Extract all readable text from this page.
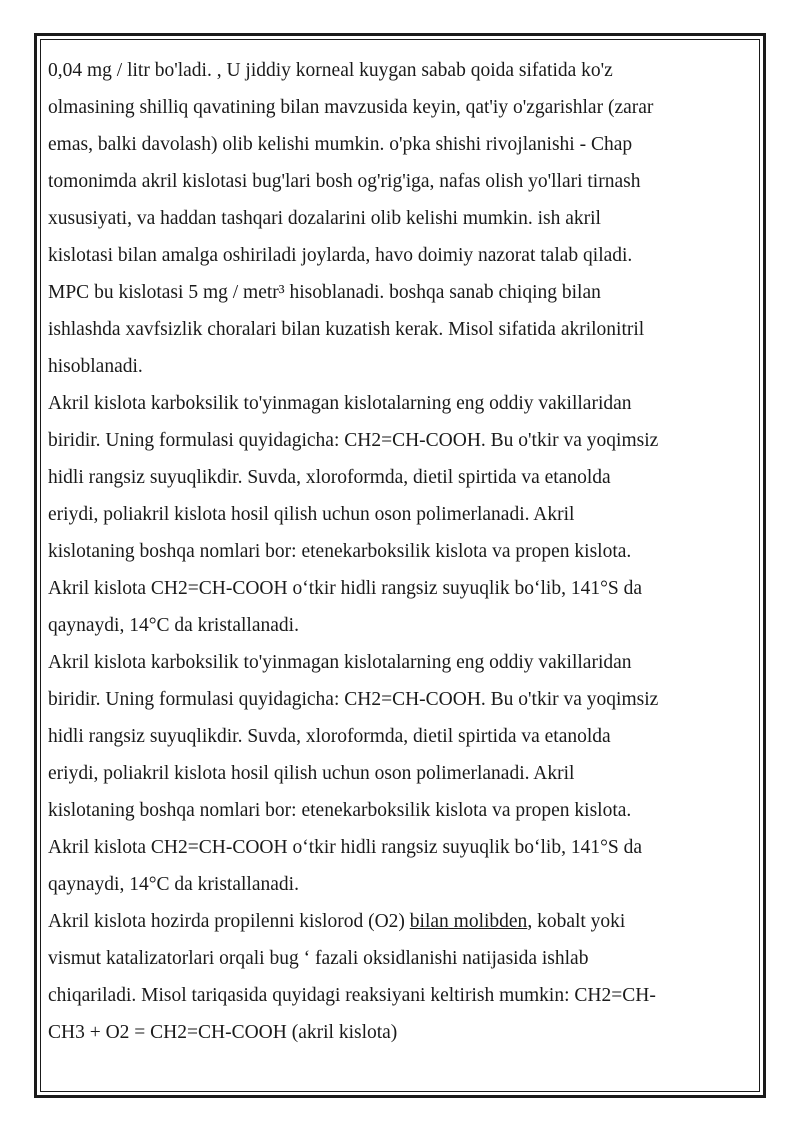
0,04 mg / litr bo'ladi. , U jiddiy korneal kuygan sabab qoida sifatida ko'z
olmasining shilliq qavatining bilan mavzusida keyin, qat'iy o'zgarishlar (zarar
emas, balki davolash) olib kelishi mumkin. o'pka shishi rivojlanishi - Chap
tomonimda akril kislotasi bug'lari bosh og'rig'iga, nafas olish yo'llari tirnash
xususiyati, va haddan tashqari dozalarini olib kelishi mumkin. ish akril
kislotasi bilan amalga oshiriladi joylarda, havo doimiy nazorat talab qiladi.
MPC bu kislotasi 5 mg / metr³ hisoblanadi. boshqa sanab chiqing bilan
ishlashda xavfsizlik choralari bilan kuzatish kerak. Misol sifatida akrilonitril
hisoblanadi.
Akril kislota karboksilik to'yinmagan kislotalarning eng oddiy vakillaridan
biridir. Uning formulasi quyidagicha: CH2=CH-COOH. Bu o'tkir va yoqimsiz
hidli rangsiz suyuqlikdir. Suvda, xloroformda, dietil spirtida va etanolda
eriydi, poliakril kislota hosil qilish uchun oson polimerlanadi. Akril
kislotaning boshqa nomlari bor: etenekarboksilik kislota va propen kislota.
Akril kislota CH2=CH-COOH o‘tkir hidli rangsiz suyuqlik bo‘lib, 141°S da
qaynaydi, 14°C da kristallanadi.
Akril kislota karboksilik to'yinmagan kislotalarning eng oddiy vakillaridan
biridir. Uning formulasi quyidagicha: CH2=CH-COOH. Bu o'tkir va yoqimsiz
hidli rangsiz suyuqlikdir. Suvda, xloroformda, dietil spirtida va etanolda
eriydi, poliakril kislota hosil qilish uchun oson polimerlanadi. Akril
kislotaning boshqa nomlari bor: etenekarboksilik kislota va propen kislota.
Akril kislota CH2=CH-COOH o‘tkir hidli rangsiz suyuqlik bo‘lib, 141°S da
qaynaydi, 14°C da kristallanadi.
Akril kislota hozirda propilenni kislorod (O2) bilan molibden, kobalt yoki
vismut katalizatorlari orqali bug ‘ fazali oksidlanishi natijasida ishlab
chiqariladi. Misol tariqasida quyidagi reaksiyani keltirish mumkin: CH2=CH-
CH3 + O2 = CH2=CH-COOH (akril kislota)
